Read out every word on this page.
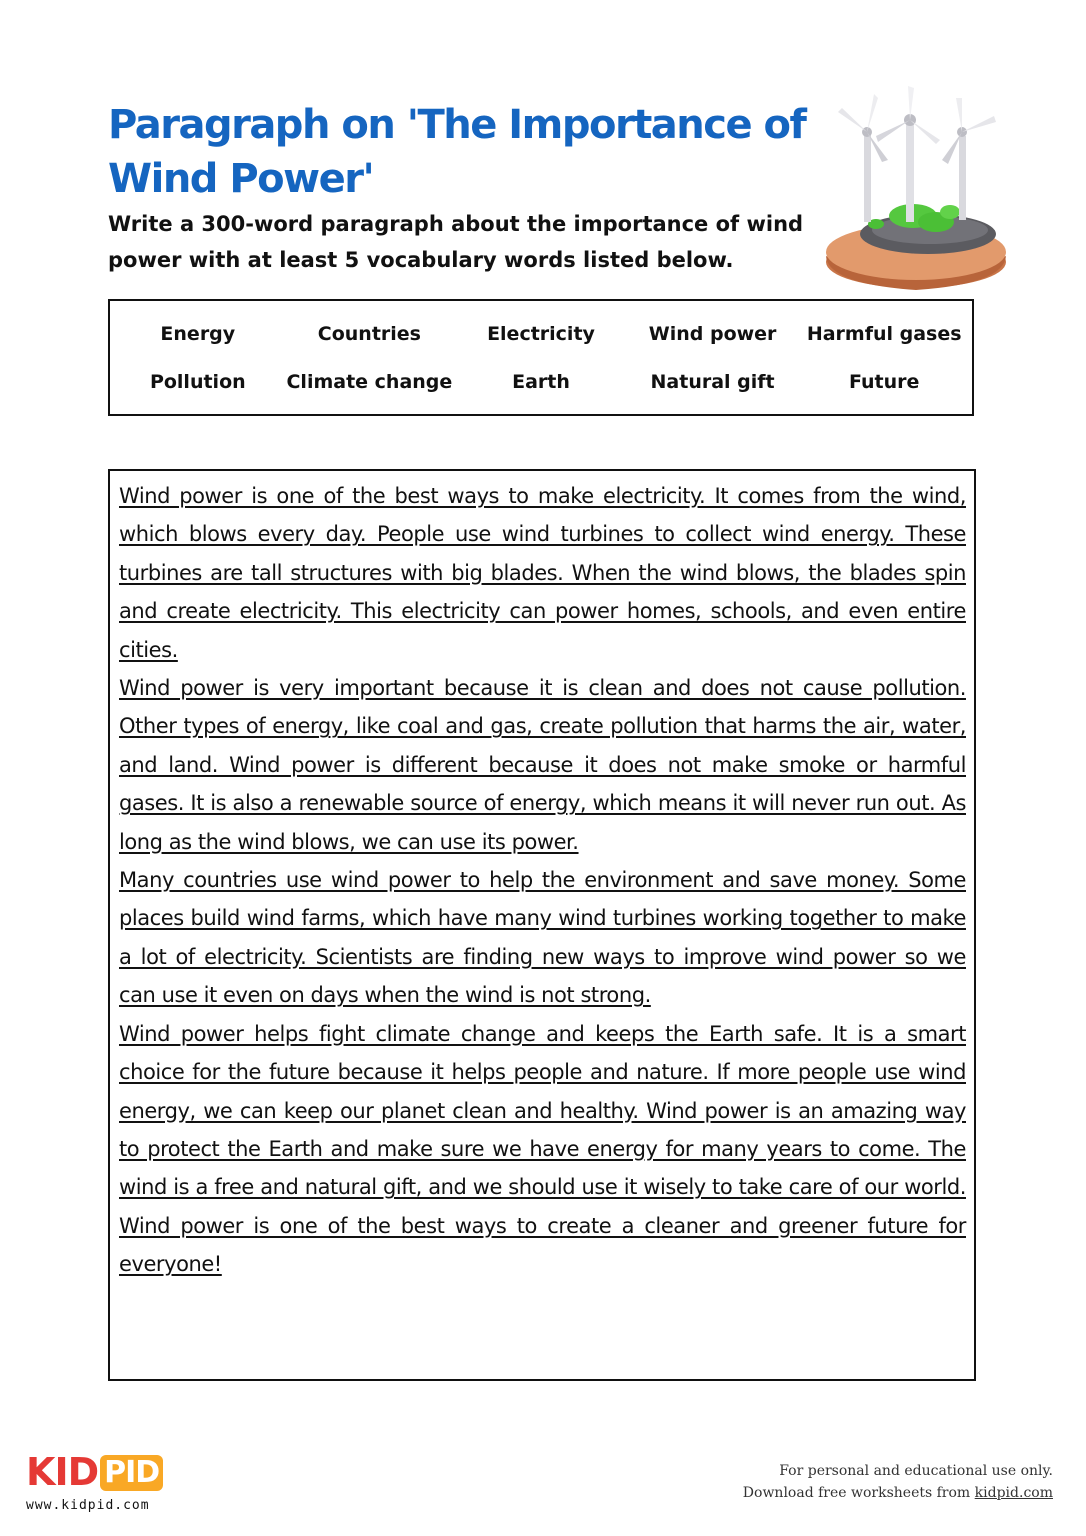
Paragraph on 'The Importance of Wind Power'

Write a 300-word paragraph about the importance of wind power with at least 5 vocabulary words listed below.

Energy	Countries	Electricity	Wind power	Harmful gases
Pollution	Climate change	Earth	Natural gift	Future

Wind power is one of the best ways to make electricity. It comes from the wind, which blows every day. People use wind turbines to collect wind energy. These turbines are tall structures with big blades. When the wind blows, the blades spin and create electricity. This electricity can power homes, schools, and even entire cities.

Wind power is very important because it is clean and does not cause pollution. Other types of energy, like coal and gas, create pollution that harms the air, water, and land. Wind power is different because it does not make smoke or harmful gases. It is also a renewable source of energy, which means it will never run out. As long as the wind blows, we can use its power.

Many countries use wind power to help the environment and save money. Some places build wind farms, which have many wind turbines working together to make a lot of electricity. Scientists are finding new ways to improve wind power so we can use it even on days when the wind is not strong.

Wind power helps fight climate change and keeps the Earth safe. It is a smart choice for the future because it helps people and nature. If more people use wind energy, we can keep our planet clean and healthy. Wind power is an amazing way to protect the Earth and make sure we have energy for many years to come. The wind is a free and natural gift, and we should use it wisely to take care of our world. Wind power is one of the best ways to create a cleaner and greener future for everyone!

KID PID
www.kidpid.com
For personal and educational use only.
Download free worksheets from kidpid.com
